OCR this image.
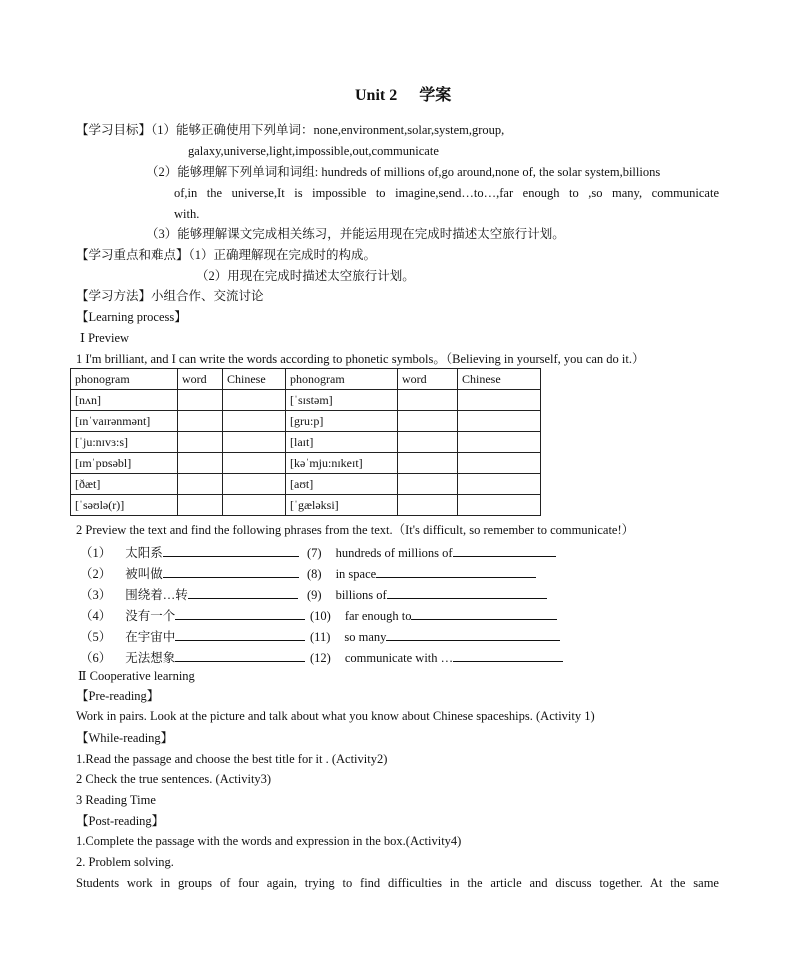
Unit 2 学案
【学习目标】（1）能够正确使用下列单词：none,environment,solar,system,group,
galaxy,universe,light,impossible,out,communicate
（2）能够理解下列单词和词组: hundreds of millions of,go around,none of, the solar system,billions
of,in the universe,It is impossible to imagine,send…to…,far enough to ,so many, communicate
with.
（3）能够理解课文完成相关练习，并能运用现在完成时描述太空旅行计划。
【学习重点和难点】（1）正确理解现在完成时的构成。
（2）用现在完成时描述太空旅行计划。
【学习方法】小组合作、交流讨论
【Learning process】
Ⅰ Preview
1 I'm brilliant, and I can write the words according to phonetic symbols。（Believing in yourself, you can do it.）
phonogram	word	Chinese	phonogram	word	Chinese
[nʌn]			[ˈsɪstəm]		
[ɪnˈvaɪrənmənt]			[gru:p]		
[ˈju:nɪvɜ:s]			[laɪt]		
[ɪmˈpɒsəbl]			[kəˈmju:nɪkeɪt]		
[ðæt]			[aʊt]		
[ˈsəʊlə(r)]			[ˈgæləksi]		
2 Preview the text and find the following phrases from the text.（It's difficult, so remember to communicate!）
（1） 太阳系	(7) hundreds of millions of
（2） 被叫做	(8) in space
（3） 围绕着…转	(9) billions of
（4） 没有一个	(10) far enough to
（5） 在宇宙中	(11) so many
（6） 无法想象	(12) communicate with …
Ⅱ Cooperative learning
【Pre-reading】
Work in pairs. Look at the picture and talk about what you know about Chinese spaceships. (Activity 1)
【While-reading】
1.Read the passage and choose the best title for it . (Activity2)
2 Check the true sentences. (Activity3)
3 Reading Time
【Post-reading】
1.Complete the passage with the words and expression in the box.(Activity4)
2. Problem solving.
Students work in groups of four again, trying to find difficulties in the article and discuss together. At the same
